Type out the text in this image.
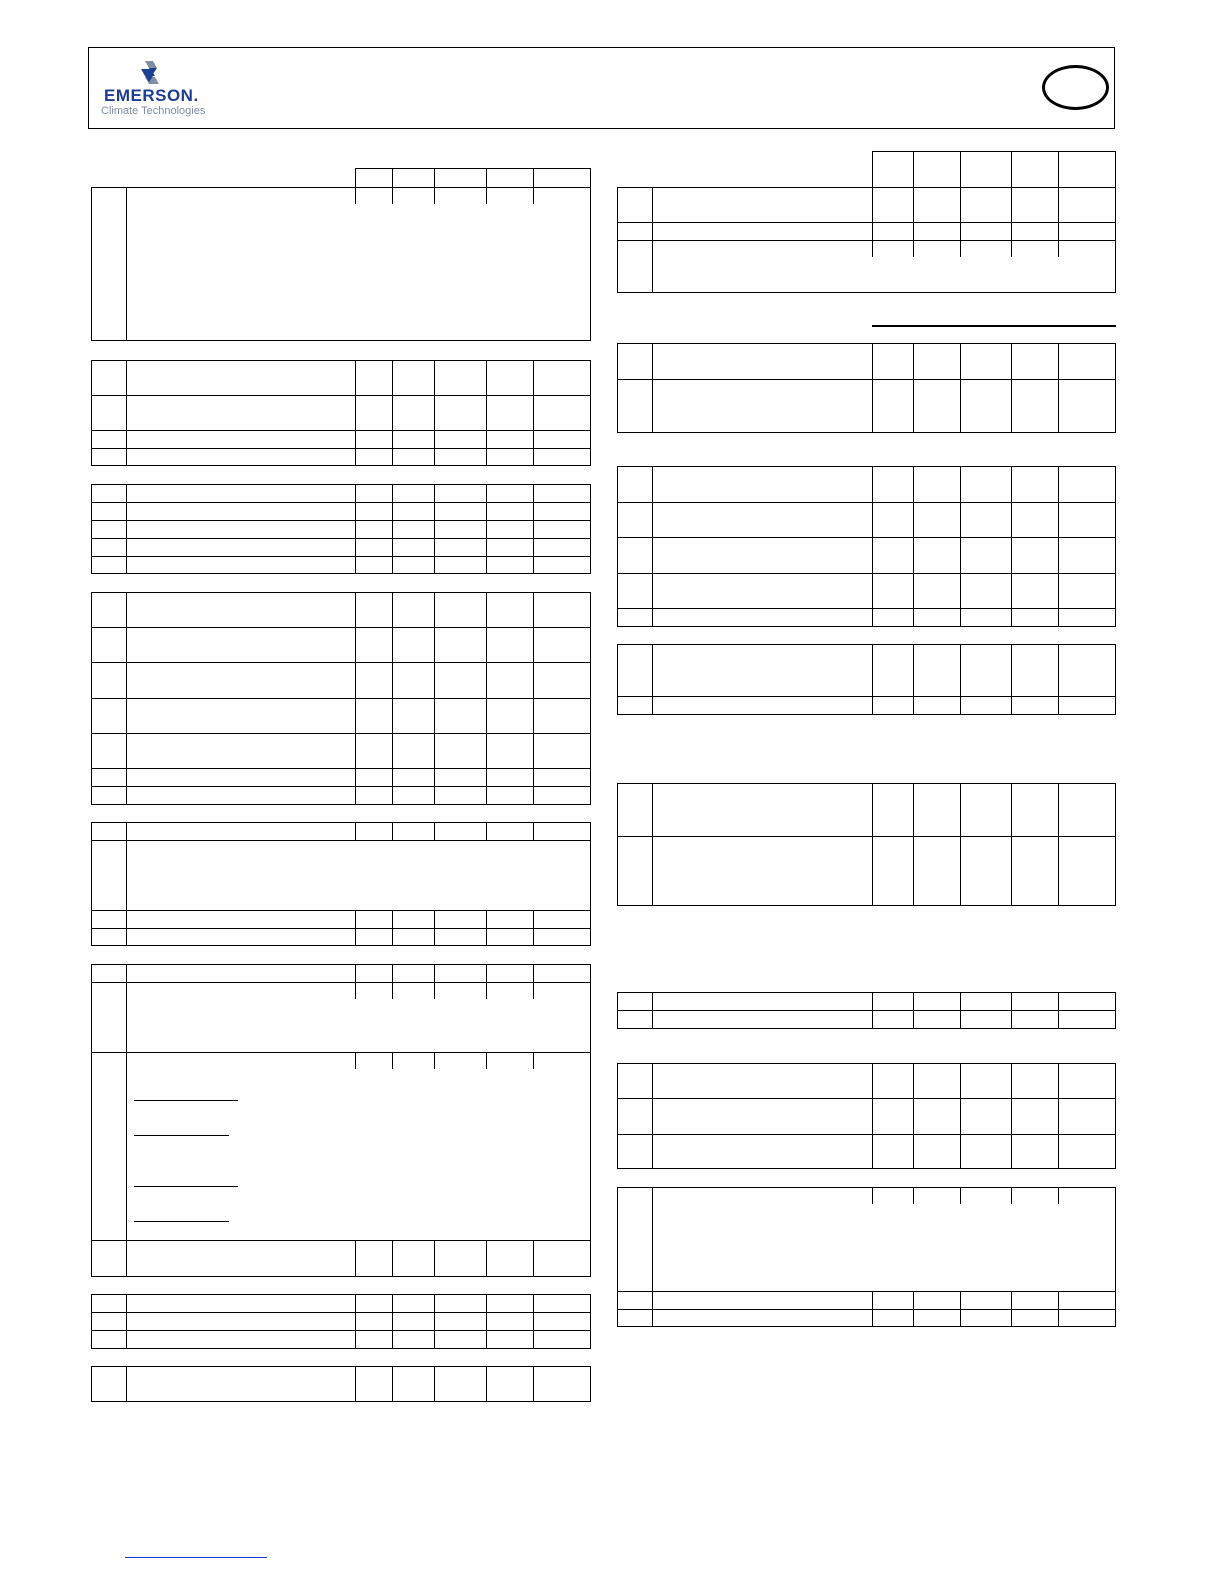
EMERSON.
Climate Technologies
